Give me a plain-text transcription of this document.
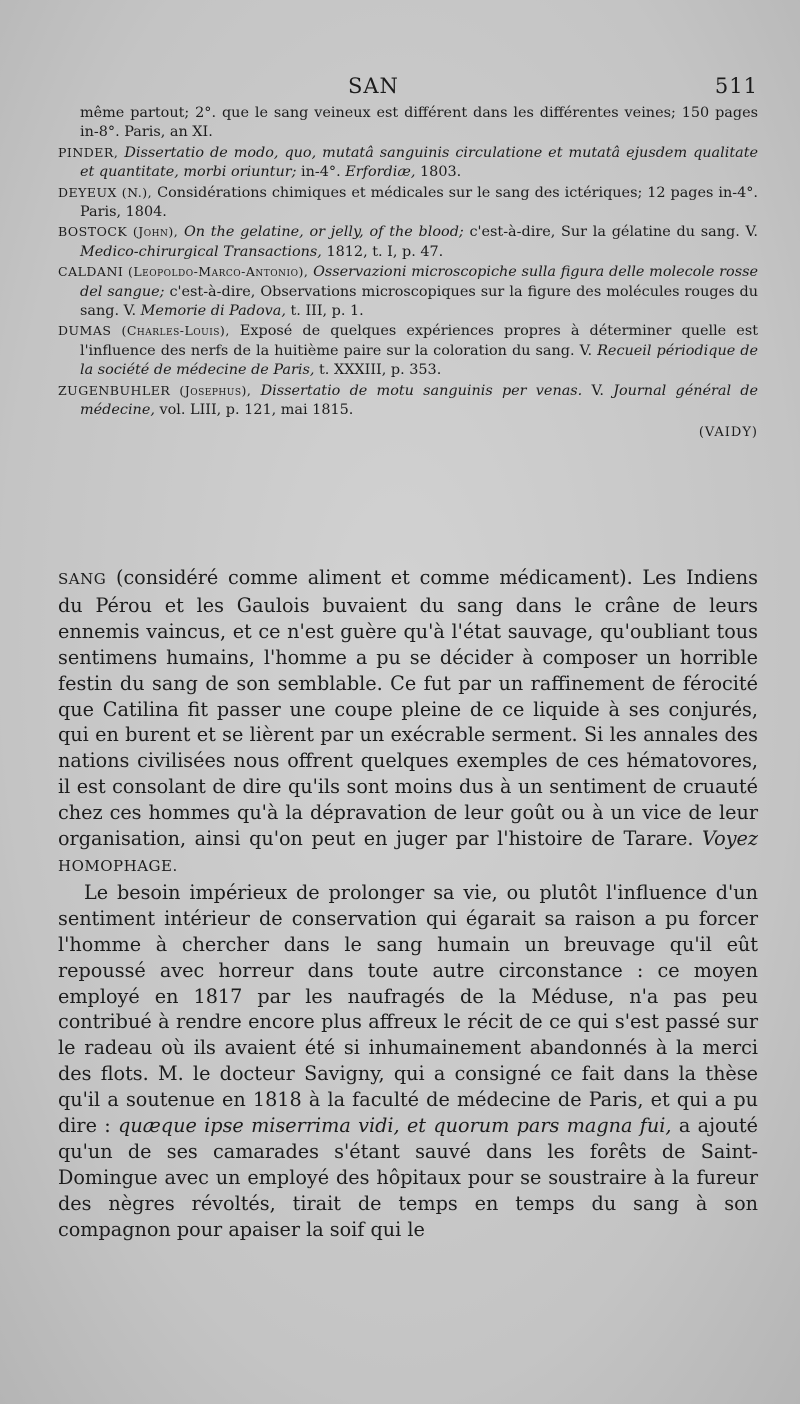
SAN	511
même partout; 2°. que le sang veineux est différent dans les différentes veines; 150 pages in-8°. Paris, an XI.
PINDER, Dissertatio de modo, quo, mutatâ sanguinis circulatione et mutatâ ejusdem qualitate et quantitate, morbi oriuntur; in-4°. Erfordiæ, 1803.
DEYEUX (N.), Considérations chimiques et médicales sur le sang des ictériques; 12 pages in-4°. Paris, 1804.
BOSTOCK (John), On the gelatine, or jelly, of the blood; c'est-à-dire, Sur la gélatine du sang. V. Medico-chirurgical Transactions, 1812, t. I, p. 47.
CALDANI (Leopoldo-Marco-Antonio), Osservazioni microscopiche sulla figura delle molecole rosse del sangue; c'est-à-dire, Observations microscopiques sur la figure des molécules rouges du sang. V. Memorie di Padova, t. III, p. 1.
DUMAS (Charles-Louis), Exposé de quelques expériences propres à déterminer quelle est l'influence des nerfs de la huitième paire sur la coloration du sang. V. Recueil périodique de la société de médecine de Paris, t. XXXIII, p. 353.
ZUGENBUHLER (Josephus), Dissertatio de motu sanguinis per venas. V. Journal général de médecine, vol. LIII, p. 121, mai 1815.
(VAIDY)

SANG (considéré comme aliment et comme médicament). Les Indiens du Pérou et les Gaulois buvaient du sang dans le crâne de leurs ennemis vaincus, et ce n'est guère qu'à l'état sauvage, qu'oubliant tous sentimens humains, l'homme a pu se décider à composer un horrible festin du sang de son semblable. Ce fut par un raffinement de férocité que Catilina fit passer une coupe pleine de ce liquide à ses conjurés, qui en burent et se lièrent par un exécrable serment. Si les annales des nations civilisées nous offrent quelques exemples de ces hématovores, il est consolant de dire qu'ils sont moins dus à un sentiment de cruauté chez ces hommes qu'à la dépravation de leur goût ou à un vice de leur organisation, ainsi qu'on peut en juger par l'histoire de Tarare. Voyez HOMOPHAGE.

Le besoin impérieux de prolonger sa vie, ou plutôt l'influence d'un sentiment intérieur de conservation qui égarait sa raison a pu forcer l'homme à chercher dans le sang humain un breuvage qu'il eût repoussé avec horreur dans toute autre circonstance : ce moyen employé en 1817 par les naufragés de la Méduse, n'a pas peu contribué à rendre encore plus affreux le récit de ce qui s'est passé sur le radeau où ils avaient été si inhumainement abandonnés à la merci des flots. M. le docteur Savigny, qui a consigné ce fait dans la thèse qu'il a soutenue en 1818 à la faculté de médecine de Paris, et qui a pu dire : quæque ipse miserrima vidi, et quorum pars magna fui, a ajouté qu'un de ses camarades s'étant sauvé dans les forêts de Saint-Domingue avec un employé des hôpitaux pour se soustraire à la fureur des nègres révoltés, tirait de temps en temps du sang à son compagnon pour apaiser la soif qui le
